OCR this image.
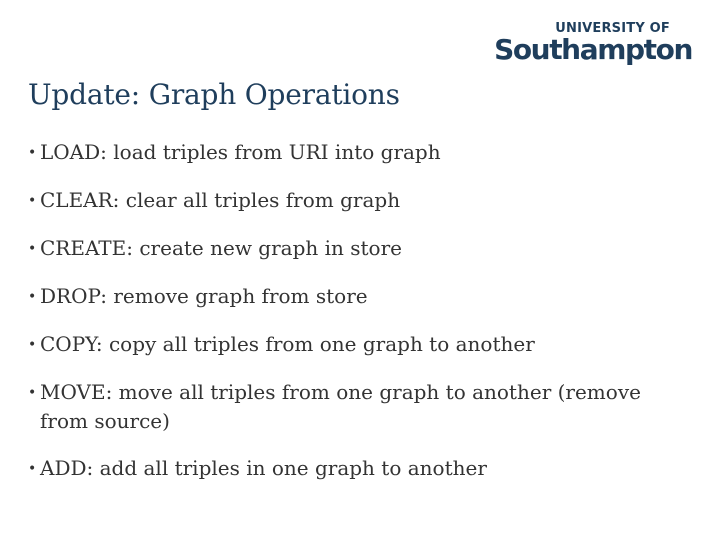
UNIVERSITY OF
Southampton
Update: Graph Operations
• LOAD: load triples from URI into graph
• CLEAR: clear all triples from graph
• CREATE: create new graph in store
• DROP: remove graph from store
• COPY: copy all triples from one graph to another
• MOVE: move all triples from one graph to another (remove from source)
• ADD: add all triples in one graph to another
